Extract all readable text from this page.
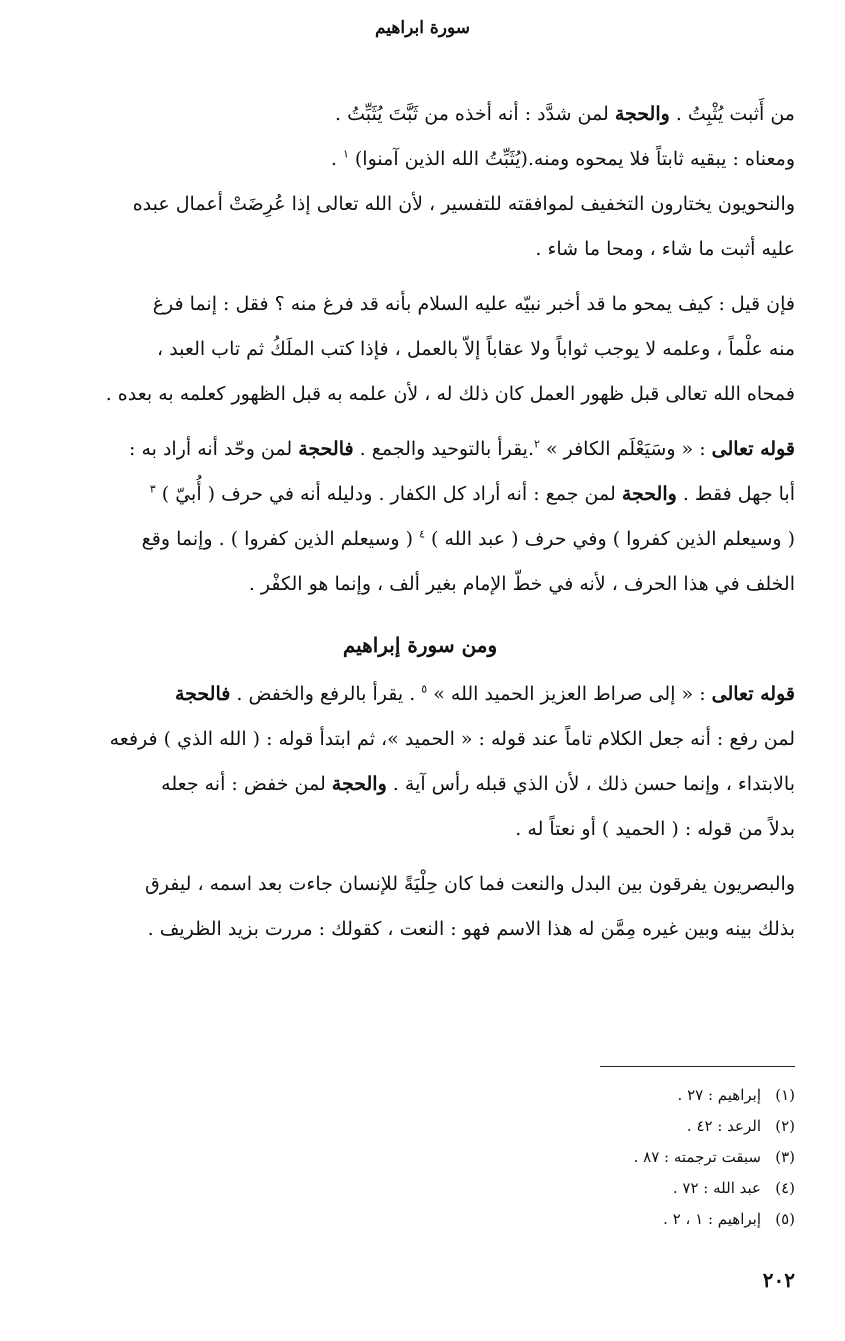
سورة ابراهيم

من أَثبت يُثْبِتُ . والحجة لمن شدَّد : أنه أخذه من ثَبَّتَ يُثَبِّتُ .
ومعناه : يبقيه ثابتاً فلا يمحوه ومنه.(يُثَبِّتُ الله الذين آمنوا) $^١$ .

والنحويون يختارون التخفيف لموافقته للتفسير ، لأن الله تعالى إذا عُرِضَتْ أعمال عبده
عليه أثبت ما شاء ، ومحا ما شاء .

فإن قيل : كيف يمحو ما قد أخبر نبيّه عليه السلام بأنه قد فرغ منه ؟ فقل : إنما فرغ
منه علْماً ، وعلمه لا يوجب ثواباً ولا عقاباً إلاّ بالعمل ، فإذا كتب الملَكُ ثم تاب العبد ،
فمحاه الله تعالى قبل ظهور العمل كان ذلك له ، لأن علمه به قبل الظهور كعلمه به بعده .

قوله تعالى : « وسَيَعْلَم الكافر » $^٢$.يقرأ بالتوحيد والجمع . فالحجة لمن وحّد أنه أراد به :
أبا جهل فقط . والحجة لمن جمع : أنه أراد كل الكفار . ودليله أنه في حرف ( أُبيّ ) $^٣$
( وسيعلم الذين كفروا ) وفي حرف ( عبد الله ) $^٤$ ( وسيعلم الذين كفروا ) . وإنما وقع
الخلف في هذا الحرف ، لأنه في خطّ الإمام بغير ألف ، وإنما هو الكفْر .

ومن سورة إبراهيم

قوله تعالى : « إلى صراط العزيز الحميد الله » $^٥$ . يقرأ بالرفع والخفض . فالحجة
لمن رفع : أنه جعل الكلام تاماً عند قوله : « الحميد »، ثم ابتدأ قوله : ( الله الذي ) فرفعه
بالابتداء ، وإنما حسن ذلك ، لأن الذي قبله رأس آية . والحجة لمن خفض : أنه جعله
بدلاً من قوله : ( الحميد ) أو نعتاً له .

والبصريون يفرقون بين البدل والنعت فما كان حِلْيَةً للإنسان جاءت بعد اسمه ، ليفرق
بذلك بينه وبين غيره مِمَّن له هذا الاسم فهو : النعت ، كقولك : مررت بزيد الظريف .

(١)إبراهيم : ٢٧ .
(٢)الرعد : ٤٢ .
(٣)سبقت ترجمته : ٨٧ .
(٤)عبد الله : ٧٢ .
(٥)إبراهيم : ١ ، ٢ .
٢٠٢
